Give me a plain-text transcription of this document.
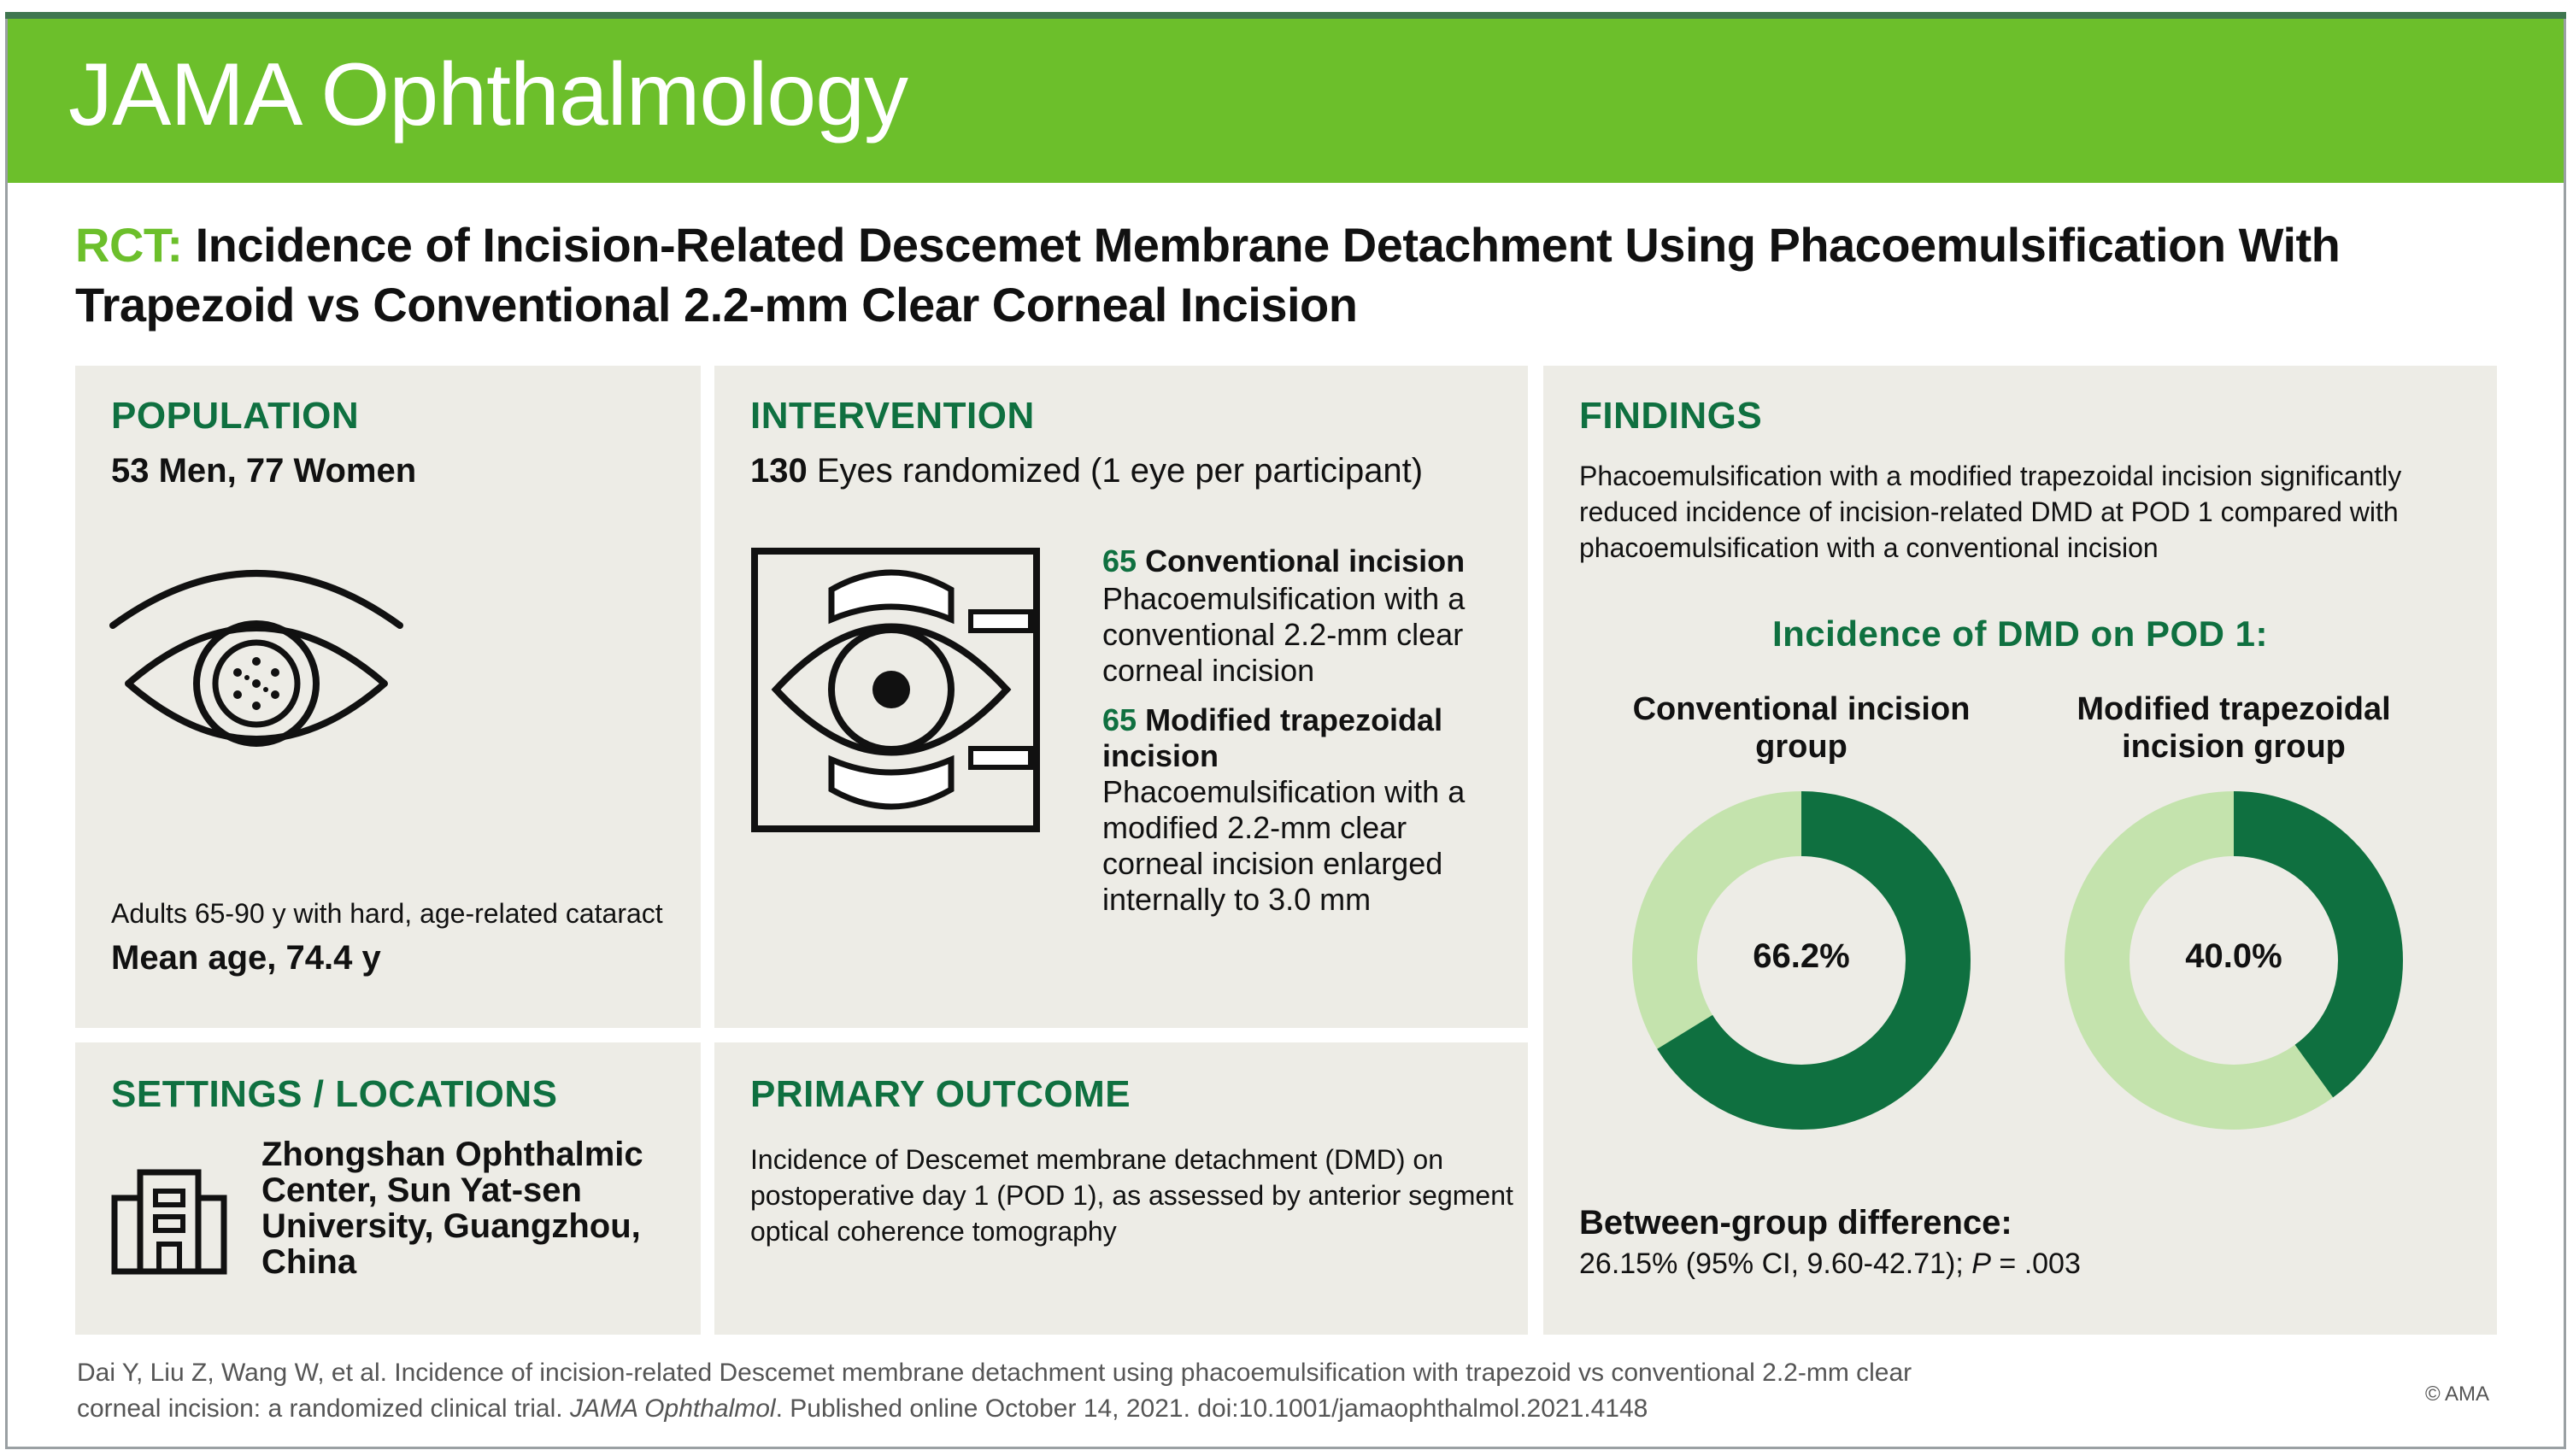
JAMA Ophthalmology
RCT: Incidence of Incision-Related Descemet Membrane Detachment Using Phacoemulsification With Trapezoid vs Conventional 2.2-mm Clear Corneal Incision
POPULATION
53 Men, 77 Women
Adults 65-90 y with hard, age-related cataract
Mean age, 74.4 y
INTERVENTION
130 Eyes randomized (1 eye per participant)
65 Conventional incision
Phacoemulsification with a
conventional 2.2-mm clear
corneal incision
65 Modified trapezoidal
incision
Phacoemulsification with a
modified 2.2-mm clear
corneal incision enlarged
internally to 3.0 mm
SETTINGS / LOCATIONS
Zhongshan Ophthalmic
Center, Sun Yat-sen
University, Guangzhou,
China
PRIMARY OUTCOME
Incidence of Descemet membrane detachment (DMD) on
postoperative day 1 (POD 1), as assessed by anterior segment
optical coherence tomography
FINDINGS
Phacoemulsification with a modified trapezoidal incision significantly
reduced incidence of incision-related DMD at POD 1 compared with
phacoemulsification with a conventional incision
Incidence of DMD on POD 1:
Conventional incision
group
Modified trapezoidal
incision group
66.2%	40.0%
Between-group difference:
26.15% (95% CI, 9.60-42.71); P = .003
Dai Y, Liu Z, Wang W, et al. Incidence of incision-related Descemet membrane detachment using phacoemulsification with trapezoid vs conventional 2.2-mm clear
corneal incision: a randomized clinical trial. JAMA Ophthalmol. Published online October 14, 2021. doi:10.1001/jamaophthalmol.2021.4148
© AMA
